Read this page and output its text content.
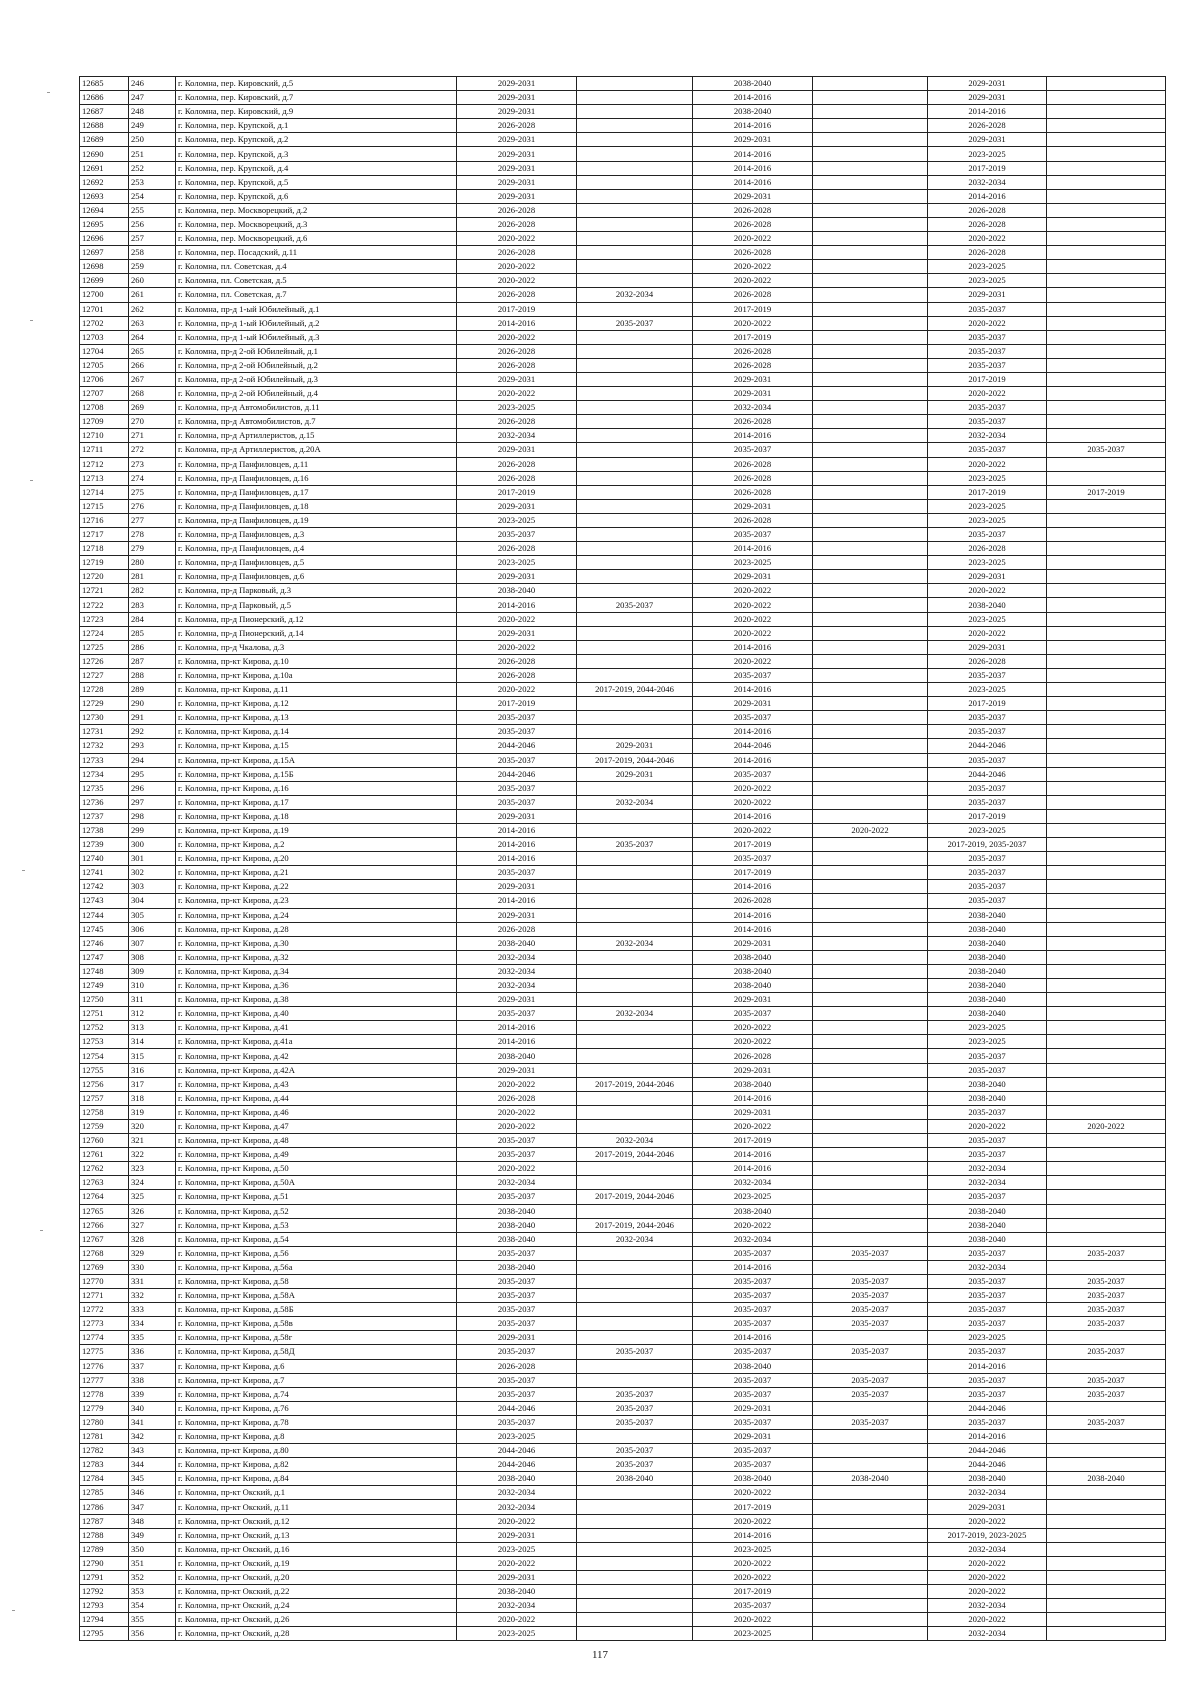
12685	246	г. Коломна, пер. Кировский, д.5	2029-2031		2038-2040		2029-2031	
12686	247	г. Коломна, пер. Кировский, д.7	2029-2031		2014-2016		2029-2031	
12687	248	г. Коломна, пер. Кировский, д.9	2029-2031		2038-2040		2014-2016	
12688	249	г. Коломна, пер. Крупской, д.1	2026-2028		2014-2016		2026-2028	
12689	250	г. Коломна, пер. Крупской, д.2	2029-2031		2029-2031		2029-2031	
12690	251	г. Коломна, пер. Крупской, д.3	2029-2031		2014-2016		2023-2025	
12691	252	г. Коломна, пер. Крупской, д.4	2029-2031		2014-2016		2017-2019	
12692	253	г. Коломна, пер. Крупской, д.5	2029-2031		2014-2016		2032-2034	
12693	254	г. Коломна, пер. Крупской, д.6	2029-2031		2029-2031		2014-2016	
12694	255	г. Коломна, пер. Москворецкий, д.2	2026-2028		2026-2028		2026-2028	
12695	256	г. Коломна, пер. Москворецкий, д.3	2026-2028		2026-2028		2026-2028	
12696	257	г. Коломна, пер. Москворецкий, д.6	2020-2022		2020-2022		2020-2022	
12697	258	г. Коломна, пер. Посадский, д.11	2026-2028		2026-2028		2026-2028	
12698	259	г. Коломна, пл. Советская, д.4	2020-2022		2020-2022		2023-2025	
12699	260	г. Коломна, пл. Советская, д.5	2020-2022		2020-2022		2023-2025	
12700	261	г. Коломна, пл. Советская, д.7	2026-2028	2032-2034	2026-2028		2029-2031	
12701	262	г. Коломна, пр-д 1-ый Юбилейный, д.1	2017-2019		2017-2019		2035-2037	
12702	263	г. Коломна, пр-д 1-ый Юбилейный, д.2	2014-2016	2035-2037	2020-2022		2020-2022	
12703	264	г. Коломна, пр-д 1-ый Юбилейный, д.3	2020-2022		2017-2019		2035-2037	
12704	265	г. Коломна, пр-д 2-ой Юбилейный, д.1	2026-2028		2026-2028		2035-2037	
12705	266	г. Коломна, пр-д 2-ой Юбилейный, д.2	2026-2028		2026-2028		2035-2037	
12706	267	г. Коломна, пр-д 2-ой Юбилейный, д.3	2029-2031		2029-2031		2017-2019	
12707	268	г. Коломна, пр-д 2-ой Юбилейный, д.4	2020-2022		2029-2031		2020-2022	
12708	269	г. Коломна, пр-д Автомобилистов, д.11	2023-2025		2032-2034		2035-2037	
12709	270	г. Коломна, пр-д Автомобилистов, д.7	2026-2028		2026-2028		2035-2037	
12710	271	г. Коломна, пр-д Артиллеристов, д.15	2032-2034		2014-2016		2032-2034	
12711	272	г. Коломна, пр-д Артиллеристов, д.20А	2029-2031		2035-2037		2035-2037	2035-2037
12712	273	г. Коломна, пр-д Панфиловцев, д.11	2026-2028		2026-2028		2020-2022	
12713	274	г. Коломна, пр-д Панфиловцев, д.16	2026-2028		2026-2028		2023-2025	
12714	275	г. Коломна, пр-д Панфиловцев, д.17	2017-2019		2026-2028		2017-2019	2017-2019
12715	276	г. Коломна, пр-д Панфиловцев, д.18	2029-2031		2029-2031		2023-2025	
12716	277	г. Коломна, пр-д Панфиловцев, д.19	2023-2025		2026-2028		2023-2025	
12717	278	г. Коломна, пр-д Панфиловцев, д.3	2035-2037		2035-2037		2035-2037	
12718	279	г. Коломна, пр-д Панфиловцев, д.4	2026-2028		2014-2016		2026-2028	
12719	280	г. Коломна, пр-д Панфиловцев, д.5	2023-2025		2023-2025		2023-2025	
12720	281	г. Коломна, пр-д Панфиловцев, д.6	2029-2031		2029-2031		2029-2031	
12721	282	г. Коломна, пр-д Парковый, д.3	2038-2040		2020-2022		2020-2022	
12722	283	г. Коломна, пр-д Парковый, д.5	2014-2016	2035-2037	2020-2022		2038-2040	
12723	284	г. Коломна, пр-д Пионерский, д.12	2020-2022		2020-2022		2023-2025	
12724	285	г. Коломна, пр-д Пионерский, д.14	2029-2031		2020-2022		2020-2022	
12725	286	г. Коломна, пр-д Чкалова, д.3	2020-2022		2014-2016		2029-2031	
12726	287	г. Коломна, пр-кт Кирова, д.10	2026-2028		2020-2022		2026-2028	
12727	288	г. Коломна, пр-кт Кирова, д.10а	2026-2028		2035-2037		2035-2037	
12728	289	г. Коломна, пр-кт Кирова, д.11	2020-2022	2017-2019, 2044-2046	2014-2016		2023-2025	
12729	290	г. Коломна, пр-кт Кирова, д.12	2017-2019		2029-2031		2017-2019	
12730	291	г. Коломна, пр-кт Кирова, д.13	2035-2037		2035-2037		2035-2037	
12731	292	г. Коломна, пр-кт Кирова, д.14	2035-2037		2014-2016		2035-2037	
12732	293	г. Коломна, пр-кт Кирова, д.15	2044-2046	2029-2031	2044-2046		2044-2046	
12733	294	г. Коломна, пр-кт Кирова, д.15А	2035-2037	2017-2019, 2044-2046	2014-2016		2035-2037	
12734	295	г. Коломна, пр-кт Кирова, д.15Б	2044-2046	2029-2031	2035-2037		2044-2046	
12735	296	г. Коломна, пр-кт Кирова, д.16	2035-2037		2020-2022		2035-2037	
12736	297	г. Коломна, пр-кт Кирова, д.17	2035-2037	2032-2034	2020-2022		2035-2037	
12737	298	г. Коломна, пр-кт Кирова, д.18	2029-2031		2014-2016		2017-2019	
12738	299	г. Коломна, пр-кт Кирова, д.19	2014-2016		2020-2022	2020-2022	2023-2025	
12739	300	г. Коломна, пр-кт Кирова, д.2	2014-2016	2035-2037	2017-2019		2017-2019, 2035-2037	
12740	301	г. Коломна, пр-кт Кирова, д.20	2014-2016		2035-2037		2035-2037	
12741	302	г. Коломна, пр-кт Кирова, д.21	2035-2037		2017-2019		2035-2037	
12742	303	г. Коломна, пр-кт Кирова, д.22	2029-2031		2014-2016		2035-2037	
12743	304	г. Коломна, пр-кт Кирова, д.23	2014-2016		2026-2028		2035-2037	
12744	305	г. Коломна, пр-кт Кирова, д.24	2029-2031		2014-2016		2038-2040	
12745	306	г. Коломна, пр-кт Кирова, д.28	2026-2028		2014-2016		2038-2040	
12746	307	г. Коломна, пр-кт Кирова, д.30	2038-2040	2032-2034	2029-2031		2038-2040	
12747	308	г. Коломна, пр-кт Кирова, д.32	2032-2034		2038-2040		2038-2040	
12748	309	г. Коломна, пр-кт Кирова, д.34	2032-2034		2038-2040		2038-2040	
12749	310	г. Коломна, пр-кт Кирова, д.36	2032-2034		2038-2040		2038-2040	
12750	311	г. Коломна, пр-кт Кирова, д.38	2029-2031		2029-2031		2038-2040	
12751	312	г. Коломна, пр-кт Кирова, д.40	2035-2037	2032-2034	2035-2037		2038-2040	
12752	313	г. Коломна, пр-кт Кирова, д.41	2014-2016		2020-2022		2023-2025	
12753	314	г. Коломна, пр-кт Кирова, д.41а	2014-2016		2020-2022		2023-2025	
12754	315	г. Коломна, пр-кт Кирова, д.42	2038-2040		2026-2028		2035-2037	
12755	316	г. Коломна, пр-кт Кирова, д.42А	2029-2031		2029-2031		2035-2037	
12756	317	г. Коломна, пр-кт Кирова, д.43	2020-2022	2017-2019, 2044-2046	2038-2040		2038-2040	
12757	318	г. Коломна, пр-кт Кирова, д.44	2026-2028		2014-2016		2038-2040	
12758	319	г. Коломна, пр-кт Кирова, д.46	2020-2022		2029-2031		2035-2037	
12759	320	г. Коломна, пр-кт Кирова, д.47	2020-2022		2020-2022		2020-2022	2020-2022
12760	321	г. Коломна, пр-кт Кирова, д.48	2035-2037	2032-2034	2017-2019		2035-2037	
12761	322	г. Коломна, пр-кт Кирова, д.49	2035-2037	2017-2019, 2044-2046	2014-2016		2035-2037	
12762	323	г. Коломна, пр-кт Кирова, д.50	2020-2022		2014-2016		2032-2034	
12763	324	г. Коломна, пр-кт Кирова, д.50А	2032-2034		2032-2034		2032-2034	
12764	325	г. Коломна, пр-кт Кирова, д.51	2035-2037	2017-2019, 2044-2046	2023-2025		2035-2037	
12765	326	г. Коломна, пр-кт Кирова, д.52	2038-2040		2038-2040		2038-2040	
12766	327	г. Коломна, пр-кт Кирова, д.53	2038-2040	2017-2019, 2044-2046	2020-2022		2038-2040	
12767	328	г. Коломна, пр-кт Кирова, д.54	2038-2040	2032-2034	2032-2034		2038-2040	
12768	329	г. Коломна, пр-кт Кирова, д.56	2035-2037		2035-2037	2035-2037	2035-2037	2035-2037
12769	330	г. Коломна, пр-кт Кирова, д.56а	2038-2040		2014-2016		2032-2034	
12770	331	г. Коломна, пр-кт Кирова, д.58	2035-2037		2035-2037	2035-2037	2035-2037	2035-2037
12771	332	г. Коломна, пр-кт Кирова, д.58А	2035-2037		2035-2037	2035-2037	2035-2037	2035-2037
12772	333	г. Коломна, пр-кт Кирова, д.58Б	2035-2037		2035-2037	2035-2037	2035-2037	2035-2037
12773	334	г. Коломна, пр-кт Кирова, д.58в	2035-2037		2035-2037	2035-2037	2035-2037	2035-2037
12774	335	г. Коломна, пр-кт Кирова, д.58г	2029-2031		2014-2016		2023-2025	
12775	336	г. Коломна, пр-кт Кирова, д.58Д	2035-2037	2035-2037	2035-2037	2035-2037	2035-2037	2035-2037
12776	337	г. Коломна, пр-кт Кирова, д.6	2026-2028		2038-2040		2014-2016	
12777	338	г. Коломна, пр-кт Кирова, д.7	2035-2037		2035-2037	2035-2037	2035-2037	2035-2037
12778	339	г. Коломна, пр-кт Кирова, д.74	2035-2037	2035-2037	2035-2037	2035-2037	2035-2037	2035-2037
12779	340	г. Коломна, пр-кт Кирова, д.76	2044-2046	2035-2037	2029-2031		2044-2046	
12780	341	г. Коломна, пр-кт Кирова, д.78	2035-2037	2035-2037	2035-2037	2035-2037	2035-2037	2035-2037
12781	342	г. Коломна, пр-кт Кирова, д.8	2023-2025		2029-2031		2014-2016	
12782	343	г. Коломна, пр-кт Кирова, д.80	2044-2046	2035-2037	2035-2037		2044-2046	
12783	344	г. Коломна, пр-кт Кирова, д.82	2044-2046	2035-2037	2035-2037		2044-2046	
12784	345	г. Коломна, пр-кт Кирова, д.84	2038-2040	2038-2040	2038-2040	2038-2040	2038-2040	2038-2040
12785	346	г. Коломна, пр-кт Окский, д.1	2032-2034		2020-2022		2032-2034	
12786	347	г. Коломна, пр-кт Окский, д.11	2032-2034		2017-2019		2029-2031	
12787	348	г. Коломна, пр-кт Окский, д.12	2020-2022		2020-2022		2020-2022	
12788	349	г. Коломна, пр-кт Окский, д.13	2029-2031		2014-2016		2017-2019, 2023-2025	
12789	350	г. Коломна, пр-кт Окский, д.16	2023-2025		2023-2025		2032-2034	
12790	351	г. Коломна, пр-кт Окский, д.19	2020-2022		2020-2022		2020-2022	
12791	352	г. Коломна, пр-кт Окский, д.20	2029-2031		2020-2022		2020-2022	
12792	353	г. Коломна, пр-кт Окский, д.22	2038-2040		2017-2019		2020-2022	
12793	354	г. Коломна, пр-кт Окский, д.24	2032-2034		2035-2037		2032-2034	
12794	355	г. Коломна, пр-кт Окский, д.26	2020-2022		2020-2022		2020-2022	
12795	356	г. Коломна, пр-кт Окский, д.28	2023-2025		2023-2025		2032-2034	
117
